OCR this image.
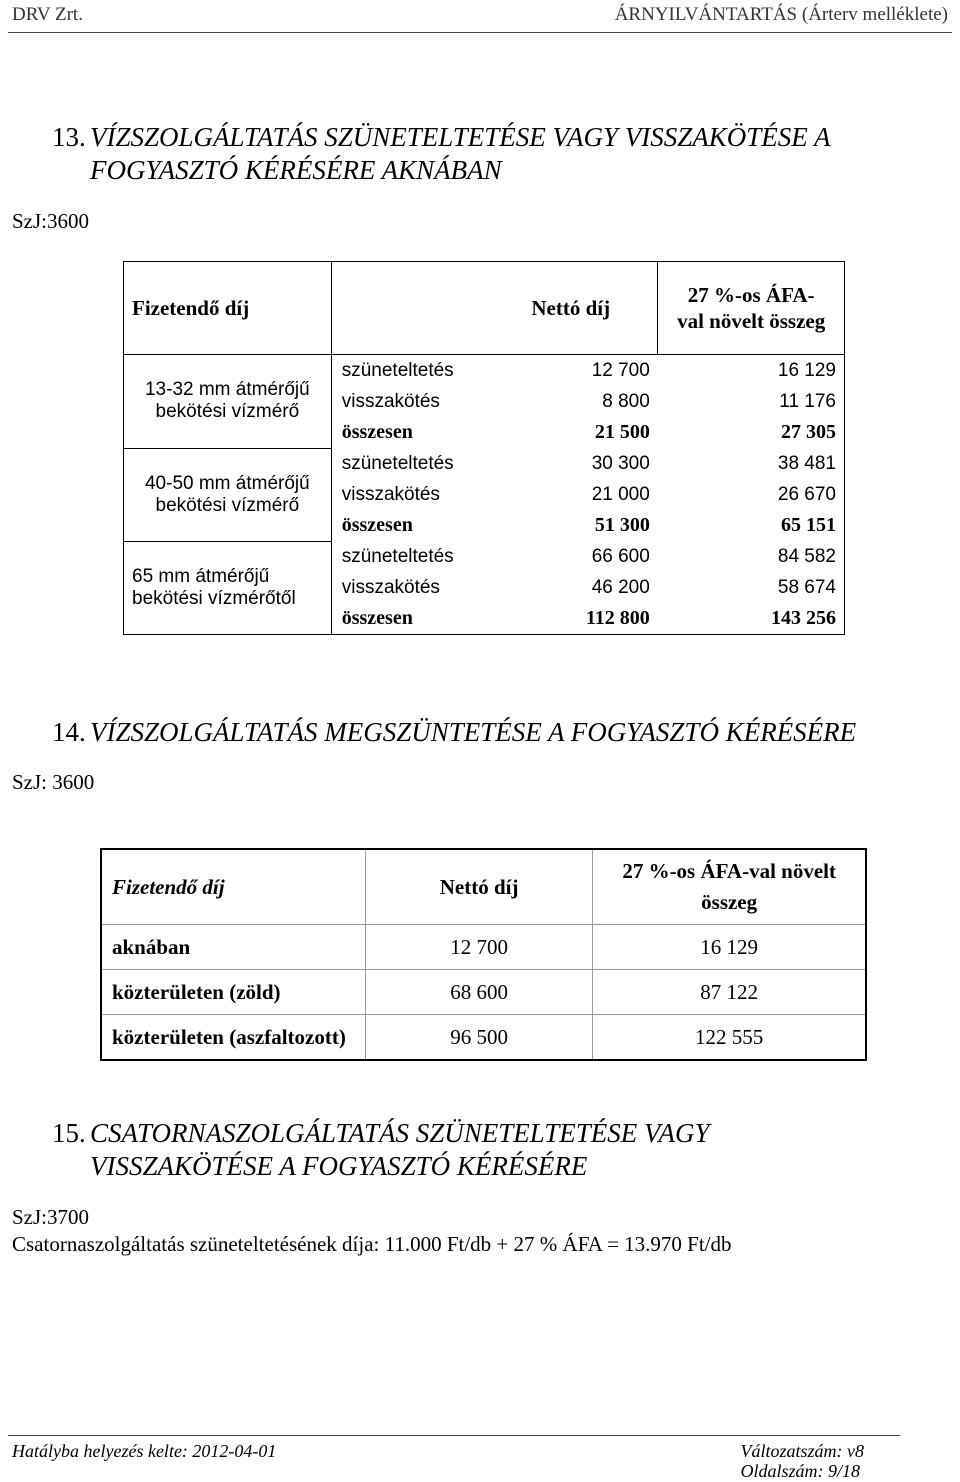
DRV Zrt.	ÁRNYILVÁNTARTÁS (Árterv melléklete)
13. VÍZSZOLGÁLTATÁS SZÜNETELTETÉSE VAGY VISSZAKÖTÉSE A
FOGYASZTÓ KÉRÉSÉRE AKNÁBAN
SzJ:3600
Fizetendő díj		Nettó díj	27 %-os ÁFA-
val növelt összeg
13-32 mm átmérőjű
bekötési vízmérő	szüneteltetés	12 700	16 129
	visszakötés	8 800	11 176
	összesen	21 500	27 305
40-50 mm átmérőjű
bekötési vízmérő	szüneteltetés	30 300	38 481
	visszakötés	21 000	26 670
	összesen	51 300	65 151
65 mm átmérőjű
bekötési vízmérőtől	szüneteltetés	66 600	84 582
	visszakötés	46 200	58 674
	összesen	112 800	143 256
14. VÍZSZOLGÁLTATÁS MEGSZÜNTETÉSE A FOGYASZTÓ KÉRÉSÉRE
SzJ: 3600
Fizetendő díj	Nettó díj	27 %-os ÁFA-val növelt
összeg
aknában	12 700	16 129
közterületen (zöld)	68 600	87 122
közterületen (aszfaltozott)	96 500	122 555
15. CSATORNASZOLGÁLTATÁS SZÜNETELTETÉSE VAGY
VISSZAKÖTÉSE A FOGYASZTÓ KÉRÉSÉRE
SzJ:3700
Csatornaszolgáltatás szüneteltetésének díja: 11.000 Ft/db + 27 % ÁFA = 13.970 Ft/db
Hatályba helyezés kelte: 2012-04-01	Változatszám: v8
Oldalszám: 9/18
